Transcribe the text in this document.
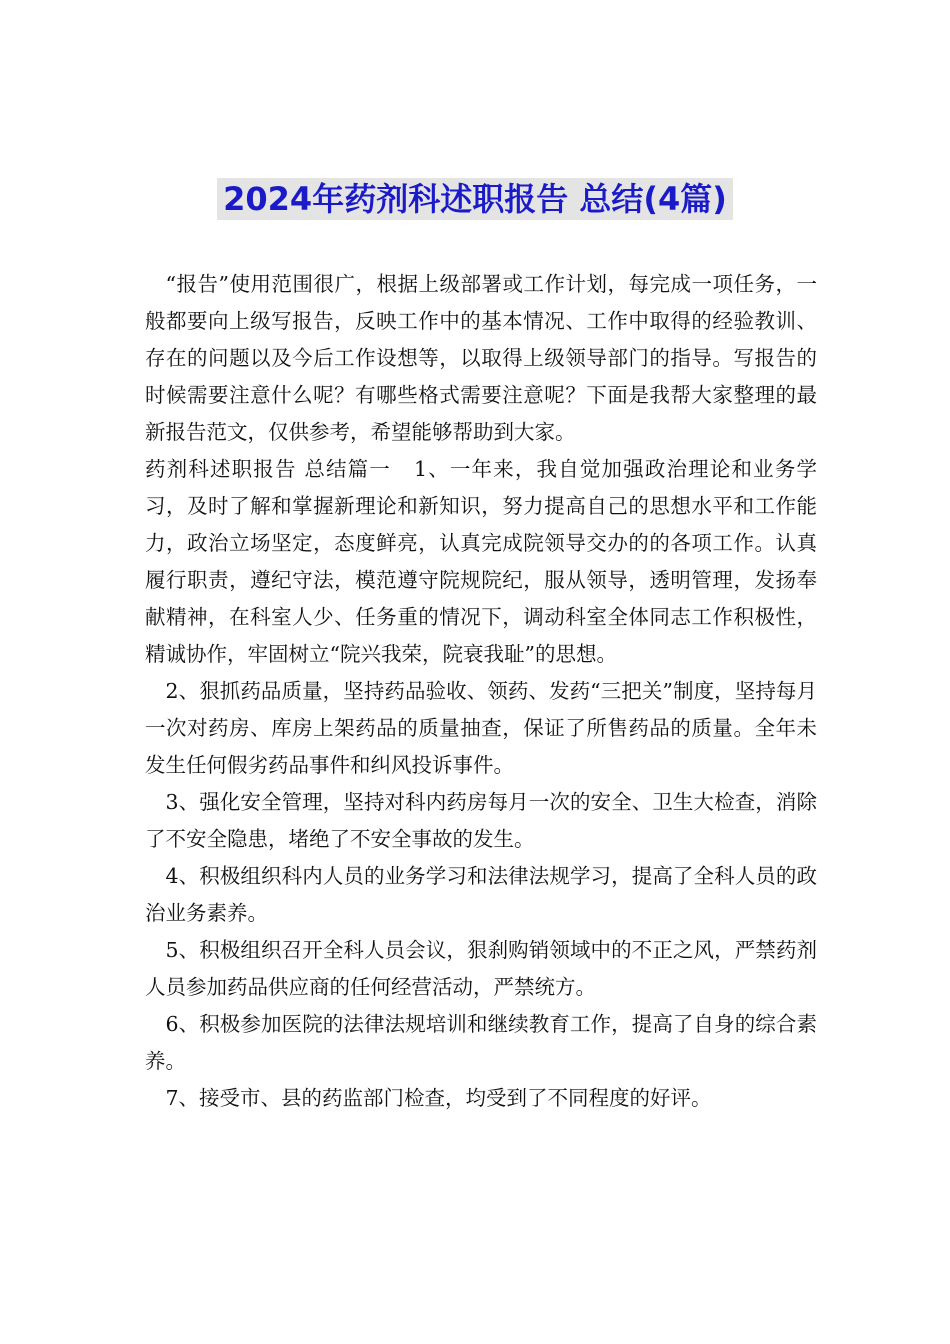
2024年药剂科述职报告 总结(4篇)

“报告”使用范围很广，根据上级部署或工作计划，每完成一项任务，一般都要向上级写报告，反映工作中的基本情况、工作中取得的经验教训、存在的问题以及今后工作设想等，以取得上级领导部门的指导。写报告的时候需要注意什么呢？有哪些格式需要注意呢？下面是我帮大家整理的最新报告范文，仅供参考，希望能够帮助到大家。

药剂科述职报告 总结篇一 1、一年来，我自觉加强政治理论和业务学习，及时了解和掌握新理论和新知识，努力提高自己的思想水平和工作能力，政治立场坚定，态度鲜亮，认真完成院领导交办的的各项工作。认真履行职责，遵纪守法，模范遵守院规院纪，服从领导，透明管理，发扬奉献精神，在科室人少、任务重的情况下，调动科室全体同志工作积极性，精诚协作，牢固树立“院兴我荣，院衰我耻”的思想。

2、狠抓药品质量，坚持药品验收、领药、发药“三把关”制度，坚持每月一次对药房、库房上架药品的质量抽查，保证了所售药品的质量。全年未发生任何假劣药品事件和纠风投诉事件。

3、强化安全管理，坚持对科内药房每月一次的安全、卫生大检查，消除了不安全隐患，堵绝了不安全事故的发生。

4、积极组织科内人员的业务学习和法律法规学习，提高了全科人员的政治业务素养。

5、积极组织召开全科人员会议，狠刹购销领域中的不正之风，严禁药剂人员参加药品供应商的任何经营活动，严禁统方。

6、积极参加医院的法律法规培训和继续教育工作，提高了自身的综合素养。

7、接受市、县的药监部门检查，均受到了不同程度的好评。
